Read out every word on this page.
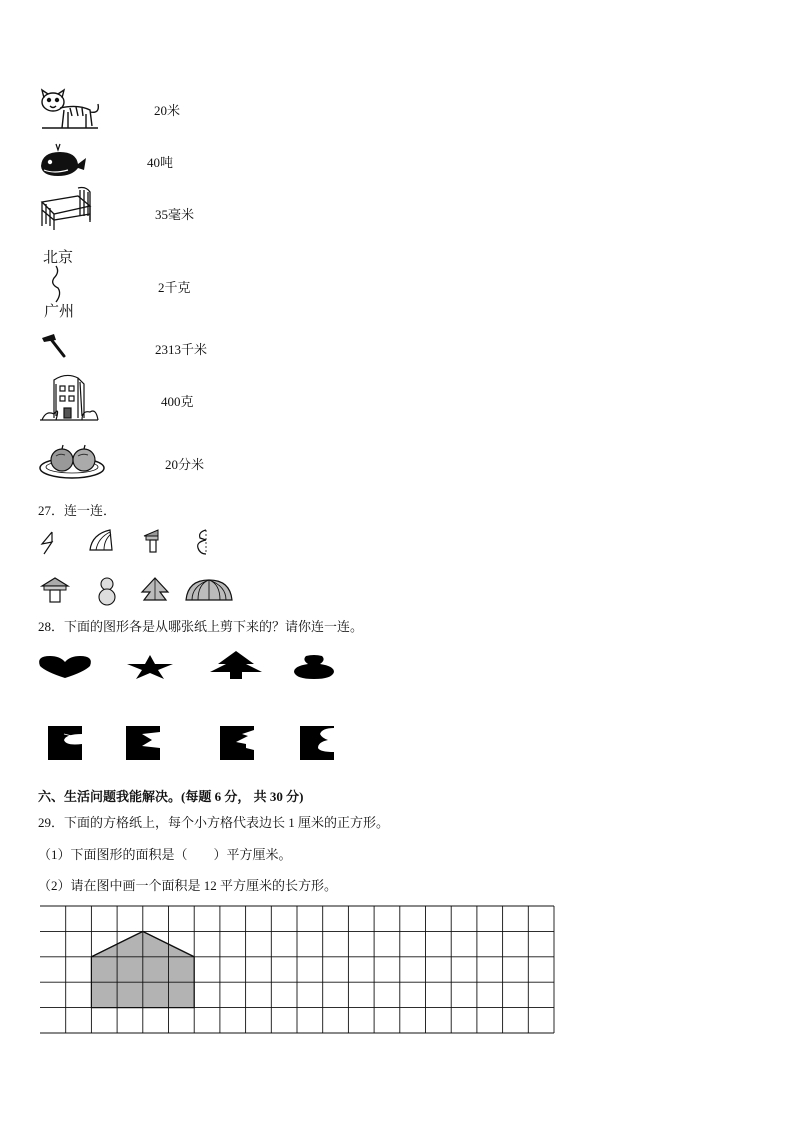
20米
40吨
35毫米
北京
广州
2千克
2313千米
400克
20分米
27．连一连．
28．下面的图形各是从哪张纸上剪下来的？请你连一连。
六、生活问题我能解决。(每题 6 分， 共 30 分)
29．下面的方格纸上，每个小方格代表边长 1 厘米的正方形。
（1）下面图形的面积是（　　）平方厘米。
（2）请在图中画一个面积是 12 平方厘米的长方形。
